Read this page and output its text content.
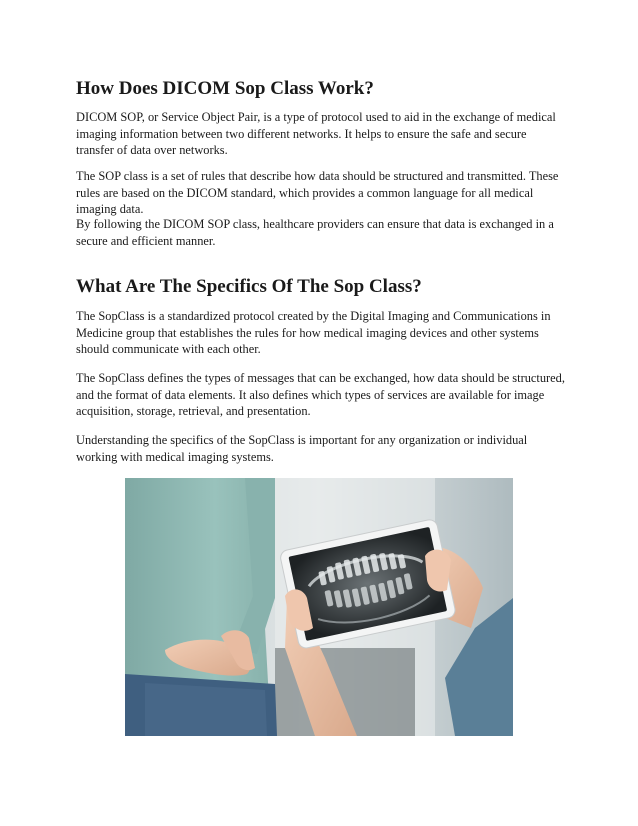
How Does DICOM Sop Class Work?

DICOM SOP, or Service Object Pair, is a type of protocol used to aid in the exchange of medical imaging information between two different networks. It helps to ensure the safe and secure transfer of data over networks.

The SOP class is a set of rules that describe how data should be structured and transmitted. These rules are based on the DICOM standard, which provides a common language for all medical imaging data.

By following the DICOM SOP class, healthcare providers can ensure that data is exchanged in a secure and efficient manner.

What Are The Specifics Of The Sop Class?

The SopClass is a standardized protocol created by the Digital Imaging and Communications in Medicine group that establishes the rules for how medical imaging devices and other systems should communicate with each other.

The SopClass defines the types of messages that can be exchanged, how data should be structured, and the format of data elements. It also defines which types of services are available for image acquisition, storage, retrieval, and presentation.

Understanding the specifics of the SopClass is important for any organization or individual working with medical imaging systems.
